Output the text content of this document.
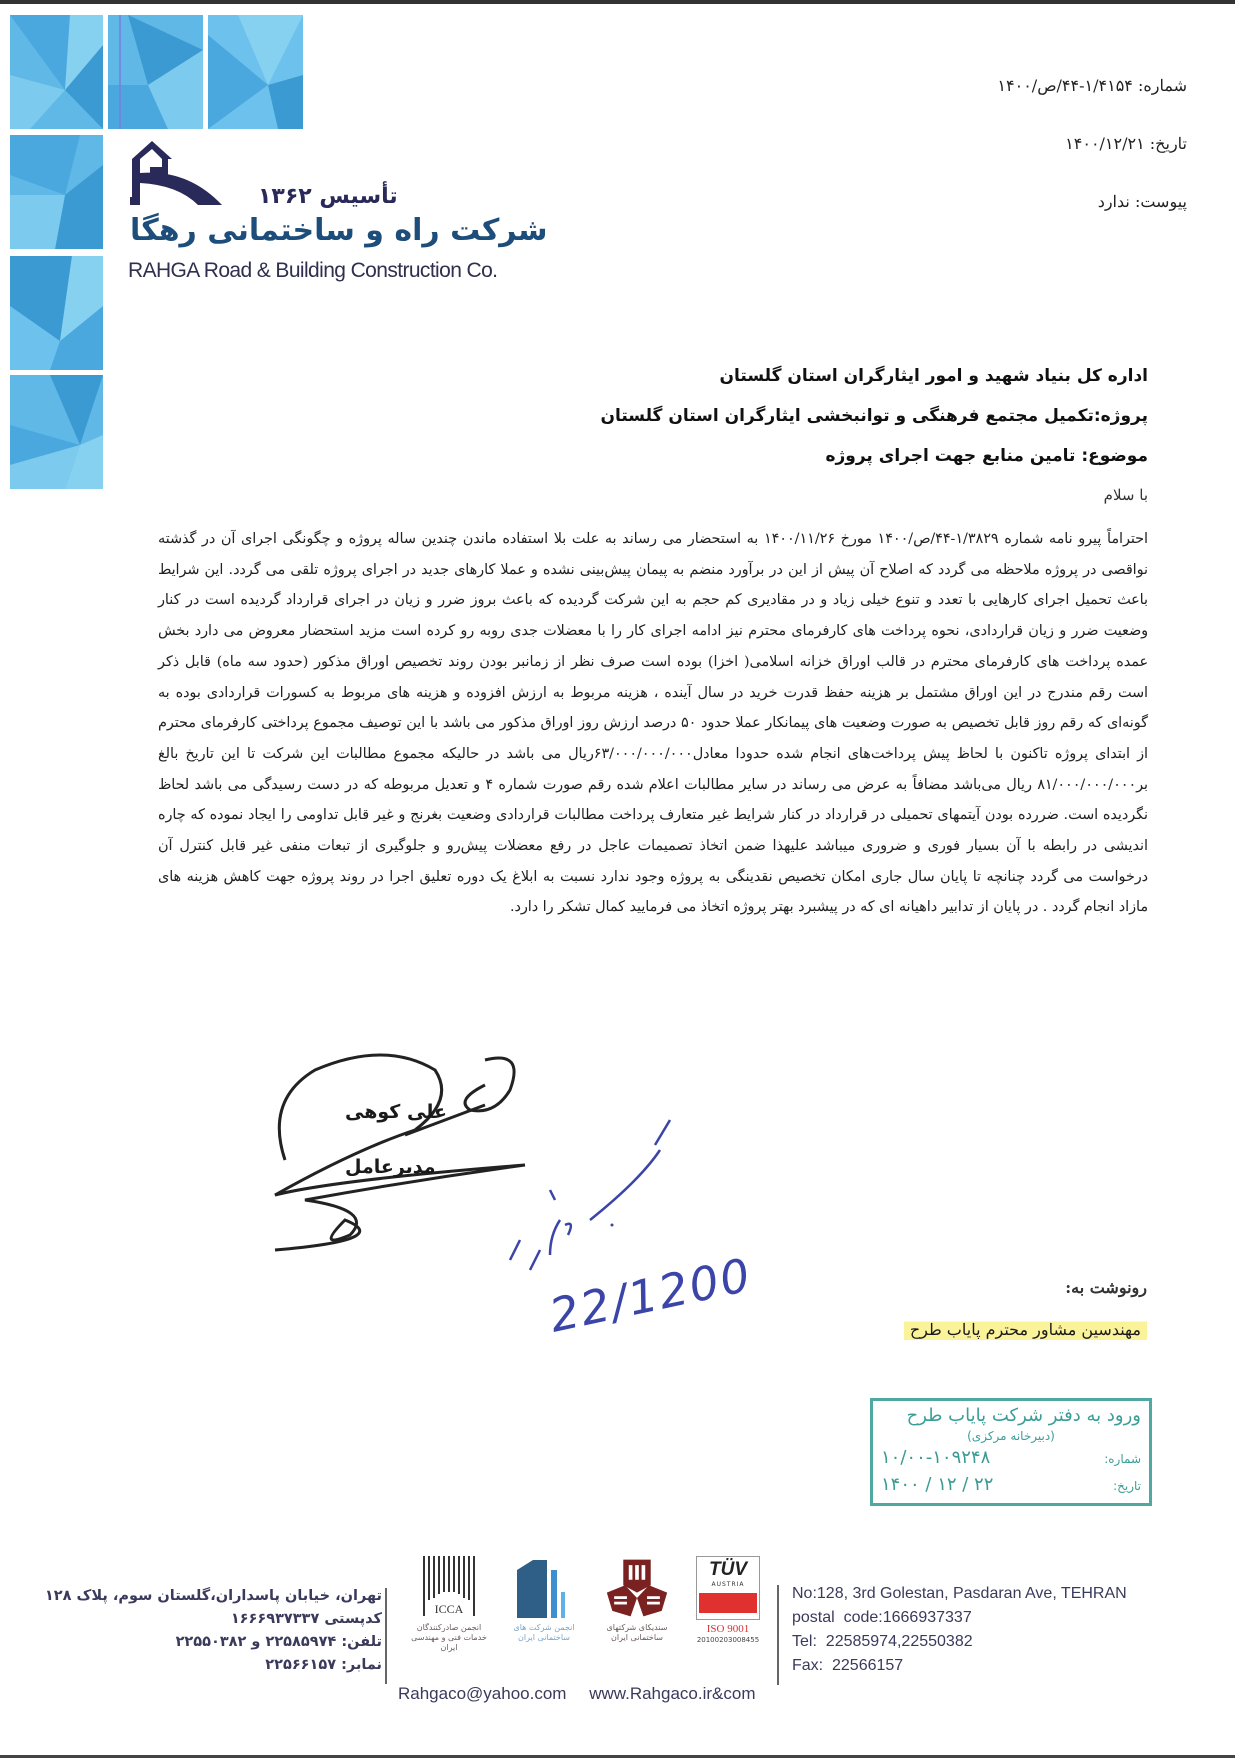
تأسیس ۱۳۶۲
شرکت راه و ساختمانی رهگا
RAHGA Road & Building Construction Co.
شماره: ۱/۴۱۵۴-۴۴/ص/۱۴۰۰
تاریخ: ۱۴۰۰/۱۲/۲۱
پیوست: ندارد
اداره کل بنیاد شهید و امور ایثارگران استان گلستان
پروژه:تکمیل مجتمع فرهنگی و توانبخشی ایثارگران استان گلستان
موضوع: تامین منابع جهت اجرای پروژه
با سلام
احتراماً پیرو نامه شماره ۱/۳۸۲۹-۴۴/ص/۱۴۰۰ مورخ ۱۴۰۰/۱۱/۲۶ به استحضار می رساند به علت بلا استفاده ماندن چندین ساله پروژه و چگونگی اجرای آن در گذشته نواقصی در پروژه ملاحظه می گردد که اصلاح آن پیش از این در برآورد منضم به پیمان پیش‌بینی نشده و عملا کارهای جدید در اجرای پروژه تلقی می گردد. این شرایط باعث تحمیل اجرای کارهایی با تعدد و تنوع خیلی زیاد و در مقادیری کم حجم به این شرکت گردیده که باعث بروز ضرر و زیان در اجرای قرارداد گردیده است در کنار وضعیت ضرر و زیان قراردادی، نحوه پرداخت های کارفرمای محترم نیز ادامه اجرای کار را با معضلات جدی روبه رو کرده است مزید استحضار معروض می دارد بخش عمده پرداخت های کارفرمای محترم در قالب اوراق خزانه اسلامی( اخزا) بوده است صرف نظر از زمانبر بودن روند تخصیص اوراق مذکور (حدود سه ماه) قابل ذکر است رقم مندرج در این اوراق مشتمل بر هزینه حفظ قدرت خرید در سال آینده ، هزینه مربوط به ارزش افزوده و هزینه های مربوط به کسورات قراردادی بوده به گونه‌ای که رقم روز قابل تخصیص به صورت وضعیت های پیمانکار عملا حدود ۵۰ درصد ارزش روز اوراق مذکور می باشد با این توصیف مجموع پرداختی کارفرمای محترم از ابتدای پروژه تاکنون با لحاظ پیش پرداخت‌های انجام شده حدودا معادل۶۳/۰۰۰/۰۰۰/۰۰۰ریال می باشد در حالیکه مجموع مطالبات این شرکت تا این تاریخ بالغ بر۸۱/۰۰۰/۰۰۰/۰۰۰ ریال می‌باشد مضافاً به عرض می رساند در سایر مطالبات اعلام شده رقم صورت شماره ۴ و تعدیل مربوطه که در دست رسیدگی می باشد لحاظ نگردیده است. ضررده بودن آیتمهای تحمیلی در قرارداد در کنار شرایط غیر متعارف پرداخت مطالبات قراردادی وضعیت بغرنج و غیر قابل تداومی را ایجاد نموده که چاره اندیشی در رابطه با آن بسیار فوری و ضروری میباشد علیهذا ضمن اتخاذ تصمیمات عاجل در رفع معضلات پیش‌رو و جلوگیری از تبعات منفی غیر قابل کنترل آن درخواست می گردد چنانچه تا پایان سال جاری امکان تخصیص نقدینگی به پروژه وجود ندارد نسبت به ابلاغ یک دوره تعلیق اجرا در روند پروژه جهت کاهش هزینه های مازاد انجام گردد . در پایان از تدابیر داهیانه ای که در پیشبرد بهتر پروژه اتخاذ می فرمایید کمال تشکر را دارد.
علی کوهی
مدیرعامل
22/1200	رونوشت به:
مهندسین مشاور محترم پایاب طرح
ورود به دفتر شرکت پایاب طرح
(دبیرخانه مرکزی)
شماره:
۱۰/۰۰-۱۰۹۲۴۸
تاریخ:
۲۲ / ۱۲ / ۱۴۰۰
تهران، خیابان پاسداران،گلستان سوم، پلاک ۱۲۸
کدپستی ۱۶۶۶۹۳۷۳۳۷
تلفن: ۲۲۵۸۵۹۷۴ و ۲۲۵۵۰۳۸۲
نمابر: ۲۲۵۶۶۱۵۷
ICCA
انجمن صادرکنندگان خدمات فنی و مهندسی ایران
انجمن شرکت های ساختمانی ایران
سندیکای شرکتهای ساختمانی ایران
TÜV
AUSTRIA
ISO 9001
20100203008455
Rahgaco@yahoo.com www.Rahgaco.ir&com
No:128, 3rd Golestan, Pasdaran Ave, TEHRAN
postal  code:1666937337
Tel:  22585974,22550382
Fax:  22566157
